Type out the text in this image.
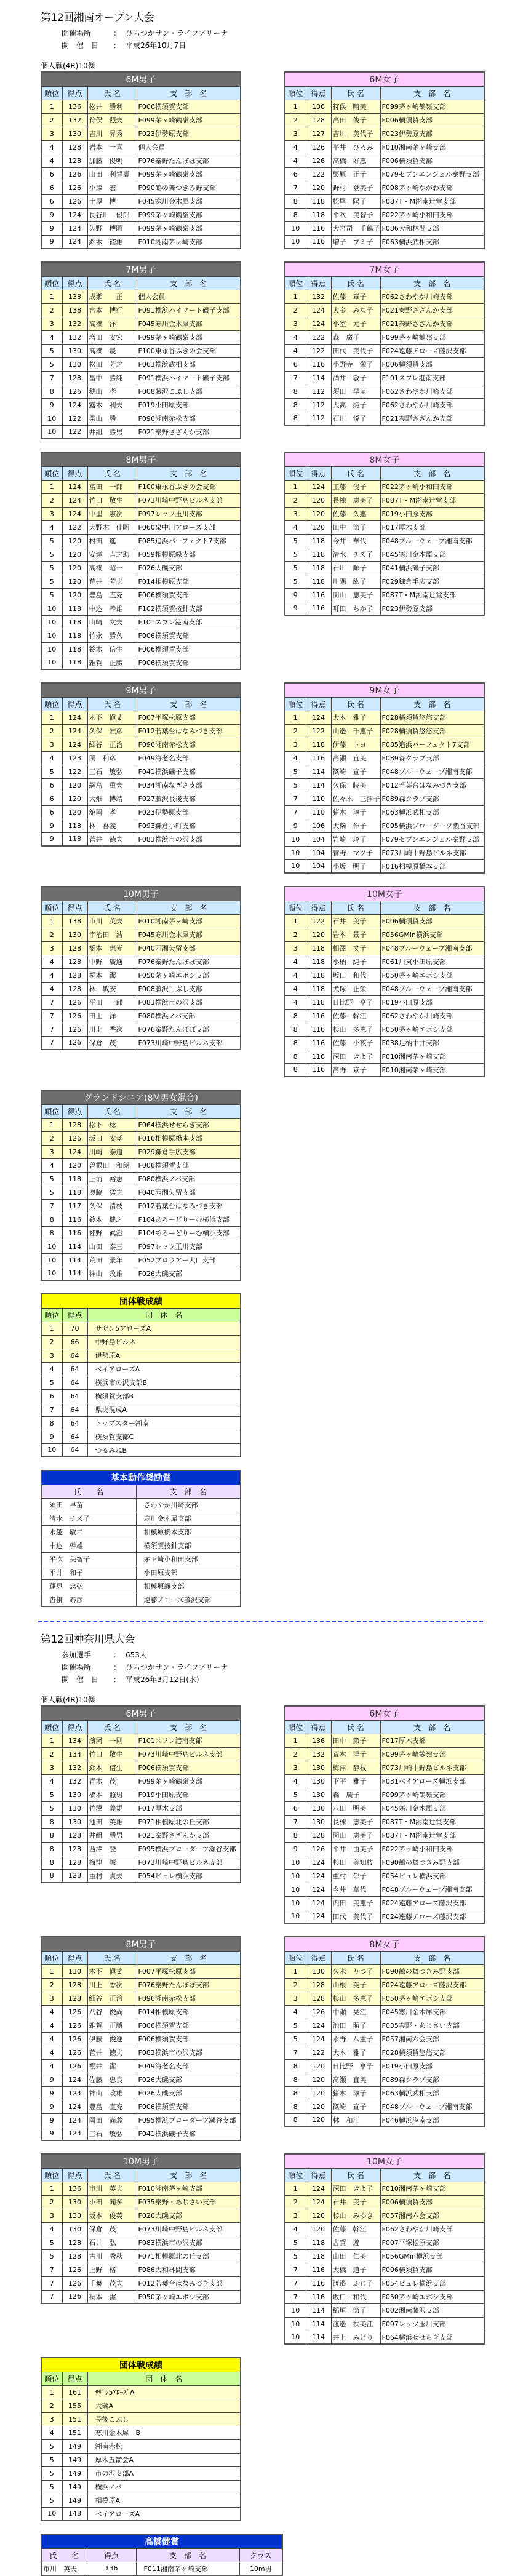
第12回湘南オープン大会
開催場所	： ひらつかサン・ライフアリーナ
開　催　日 ： 平成26年10月7日
個人戦(4R)10傑
6M男子			
順位	得点	氏 名	支　部　名
1	136	松井　勝利	F006横須賀支部
2	132	狩俣　照夫	F099茅ヶ崎鶴嶺支部
3	130	吉川　昇秀	F023伊勢原支部
4	128	岩本　一喜	個人会員
4	128	加藤　俊明	F076秦野たんぽぽ支部
6	126	山田　利賀壽	F099茅ヶ崎鶴嶺支部
6	126	小澤　宏	F090鶴の舞つきみ野支部
6	126	土屋　博	F045寒川金木犀支部
9	124	長谷川　俊郎	F099茅ヶ崎鶴嶺支部
9	124	矢野　博昭	F099茅ヶ崎鶴嶺支部
9	124	鈴木　徳雄	F010湘南茅ヶ崎支部
6M女子			
順位	得点	氏 名	支　部　名
1	136	狩俣　晴美	F099茅ヶ崎鶴嶺支部
2	128	高田　俊子	F006横須賀支部
3	127	吉川　美代子	F023伊勢原支部
4	126	平井　ひろみ	F010湘南茅ヶ崎支部
4	126	高橋　好恵	F006横須賀支部
6	122	栗原　正子	F079セブンエンジェル秦野支部
7	120	野村　登美子	F098茅ヶ崎かがわ支部
8	118	松尾　陽子	F087T・M湘南辻堂支部
8	118	平吹　美智子	F022茅ヶ崎小和田支部
10	116	大宮司　千鶴子	F086大和林間支部
10	116	増子　フミ子	F063横浜武相支部
7M男子			
順位	得点	氏 名	支　部　名
1	138	成瀬　　正	個人会員
2	138	宮本　博行	F091横浜ハイマート磯子支部
3	132	高橋　洋	F045寒川金木犀支部
4	132	増田　安宏	F099茅ヶ崎鶴嶺支部
5	130	髙橋　晟	F100東永谷ふきの会支部
5	130	松田　芳之	F063横浜武相支部
7	128	畠中　勝純	F091横浜ハイマート磯子支部
8	126	穂山　孝	F008藤沢こぶし支部
9	124	露木　利夫	F019小田原支部
10	122	柴山　勝	F096湘南赤松支部
10	122	井組　勝男	F021秦野さざんか支部
7M女子			
順位	得点	氏 名	支　部　名
1	132	佐藤　章子	F062さわやか川崎支部
2	124	大金　みな子	F021秦野さざんか支部
3	124	小室　元子	F021秦野さざんか支部
4	122	森　廣子	F099茅ヶ崎鶴嶺支部
4	122	田代　美代子	F024遠藤アローズ藤沢支部
6	116	小野寺　栄子	F006横須賀支部
7	114	酒井　敏子	F101スフレ港南支部
8	112	須田　早苗	F062さわやか川崎支部
8	112	大高　純子	F062さわやか川崎支部
8	112	石川　悦子	F021秦野さざんか支部
8M男子			
順位	得点	氏 名	支　部　名
1	124	富田　一郎	F100東永谷ふきの会支部
2	124	竹口　敬生	F073川崎中野島ビルネ支部
3	124	中里　憲次	F097レッツ玉川支部
4	122	大野木　佳昭	F060泉中川アローズ支部
5	120	村田　進	F085追浜パーフェクト7支部
5	120	安達　吉之助	F059相模原緑支部
5	120	高橋　昭一	F026大磯支部
5	120	荒井　芳夫	F014相模原支部
5	120	豊島　直充	F006横須賀支部
10	118	中込　幹雄	F102横須賀按針支部
10	118	山崎　文夫	F101スフレ港南支部
10	118	竹永　勝久	F006横須賀支部
10	118	鈴木　信生	F006横須賀支部
10	118	雑賀　正勝	F006横須賀支部
8M女子			
順位	得点	氏 名	支　部　名
1	124	工藤　俊子	F022茅ヶ崎小和田支部
2	120	長棟　恵美子	F087T・M湘南辻堂支部
3	120	佐藤　久惠	F019小田原支部
4	120	田中　節子	F017厚木支部
5	118	今井　華代	F048ブルーウェーブ湘南支部
5	118	清水　チズ子	F045寒川金木犀支部
5	118	石川　順子	F041横浜磯子支部
5	118	川隅　紘子	F029鎌倉手広支部
9	116	関山　恵美子	F087T・M湘南辻堂支部
9	116	町田　ちか子	F023伊勢原支部
9M男子			
順位	得点	氏 名	支　部　名
1	124	木下　愼丈	F007平塚松原支部
2	124	久保　雅彦	F012若葉台はなみづき支部
3	124	細谷　正治	F096湘南赤松支部
4	123	関　和彦	F049海老名支部
5	122	三石　敏弘	F041横浜磯子支部
6	120	網島　重夫	F034湘南なぎさ支部
6	120	大畑　博靖	F027藤沢長後支部
6	120	舘岡　孝	F023伊勢原支部
9	118	林　喜義	F093鎌倉小町支部
9	118	菅井　徳夫	F083横浜市の沢支部
9M女子			
順位	得点	氏 名	支　部　名
1	124	大木　雅子	F028横須賀悠悠支部
2	122	山邉　千恵子	F028横須賀悠悠支部
3	118	伊藤　トヨ	F085追浜パーフェクト7支部
4	116	髙瀬　直美	F089森クラブ支部
5	114	篠崎　宣子	F048ブルーウェーブ湘南支部
5	114	久保　暁美	F012若葉台はなみづき支部
7	110	佐々木　三津子	F089森クラブ支部
7	110	猪木　淳子	F063横浜武相支部
9	106	大柴　作子	F095横浜ブローダーツ瀬谷支部
10	104	岩崎　玲子	F079セブンエンジェル秦野支部
10	104	菅野　マツ子	F073川崎中野島ビルネ支部
10	104	小坂　明子	F016相模原橋本支部
10M男子			
順位	得点	氏 名	支　部　名
1	138	市川　英夫	F010湘南茅ヶ崎支部
2	130	宇治田　浩	F045寒川金木犀支部
3	128	橋本　惠光	F040西湘矢留支部
4	128	中野　廣通	F076秦野たんぽぽ支部
4	128	桐本　潔	F050茅ヶ崎エボシ支部
4	128	林　敏安	F008藤沢こぶし支部
7	126	平田　一郎	F083横浜市の沢支部
7	126	田土　洋	F080横浜ノバ支部
7	126	川上　香次	F076秦野たんぽぽ支部
7	126	保倉　茂	F073川崎中野島ビルネ支部
10M女子			
順位	得点	氏 名	支　部　名
1	122	石井　美子	F006横須賀支部
2	120	岩本　景子	F056GMin横浜支部
3	118	相澤　文子	F048ブルーウェーブ湘南支部
4	118	小柄　純子	F061川東小田原支部
4	118	坂口　和代	F050茅ヶ崎エボシ支部
4	118	犬塚　正栄	F048ブルーウェーブ湘南支部
4	118	日比野　亨子	F019小田原支部
8	116	佐藤　幹江	F062さわやか川崎支部
8	116	杉山　多恵子	F050茅ヶ崎エボシ支部
8	116	佐藤　小夜子	F038足柄中井支部
8	116	深田　きよ子	F010湘南茅ヶ崎支部
8	116	髙野　京子	F010湘南茅ヶ崎支部
グランドシニア(8M男女混合)			
順位	得点	氏 名	支　部　名
1	128	松下　稔	F064横浜せせらぎ支部
2	126	坂口　安孝	F016相模原橋本支部
3	124	川崎　泰道	F029鎌倉手広支部
4	120	曽根田　和朗	F006横須賀支部
5	118	上前　裕志	F080横浜ノバ支部
5	118	奥脇　猛夫	F040西湘矢留支部
7	117	久保　清枝	F012若葉台はなみづき支部
8	116	鈴木　健之	F104あろーどりーむ横浜支部
8	116	桂野　眞澄	F104あろーどりーむ横浜支部
10	114	山田　泰三	F097レッツ玉川支部
10	114	荒田　景年	F052ブロウアー大口支部
10	114	神山　政雄	F026大磯支部
団体戦成績		
順位	得点	団　体　名
1	70	サザン5アローズA
2	66	中野島ビルネ
3	64	伊勢原A
4	64	ベイアローズA
5	64	横浜市の沢支部B
6	64	横須賀支部B
7	64	県央混成A
8	64	トップスター湘南
9	64	横須賀支部C
10	64	つるみねB
基本動作奨励賞	
氏　　名	支　部　名
須田　早苗	さわやか川崎支部
清水　チズ子	寒川金木犀支部
水越　敏二	相模原橋本支部
中込　幹雄	横須賀按針支部
平吹　美智子	茅ヶ崎小和田支部
平井　和子	小田原支部
蓮見　忠弘	相模原緑支部
沓掛　泰彦	遠藤アローズ藤沢支部
第12回神奈川県大会
参加選手	： 653人
開催場所	： ひらつかサン・ライフアリーナ
開　催　日 ： 平成26年3月12日(水)
個人戦(4R)10傑
6M男子			
順位	得点	氏 名	支　部　名
1	134	濱岡　一則	F101スフレ港南支部
2	134	竹口　敬生	F073川崎中野島ビルネ支部
3	132	鈴木　信生	F006横須賀支部
4	132	青木　茂	F099茅ヶ崎鶴嶺支部
5	130	橋本　照男	F019小田原支部
5	130	竹澤　義規	F017厚木支部
8	130	池田　英雄	F071相模原北の丘支部
8	128	井組　勝男	F021秦野さざんか支部
8	128	西澤　登	F095横浜ブローダーツ瀬谷支部
8	128	梅津　誠	F073川崎中野島ビルネ支部
8	128	重村　貞夫	F054ピュレ横浜支部
6M女子			
順位	得点	氏 名	支　部　名
1	136	田中　節子	F017厚木支部
2	132	荒木　洋子	F099茅ヶ崎鶴嶺支部
3	130	梅津　静枝	F073川崎中野島ビルネ支部
4	130	下平　雅子	F031ベイアローズ横浜支部
5	130	森　廣子	F099茅ヶ崎鶴嶺支部
6	130	八田　明美	F045寒川金木犀支部
7	130	長棟　恵美子	F087T・M湘南辻堂支部
8	128	関山　恵美子	F087T・M湘南辻堂支部
9	126	平井　由美子	F022茅ヶ崎小和田支部
10	124	杉田　美知枝	F090鶴の舞つきみ野支部
10	124	重村　郁子	F054ピュレ横浜支部
10	124	今井　華代	F048ブルーウェーブ湘南支部
10	124	内田　美恵子	F024遠藤アローズ藤沢支部
10	124	田代　美代子	F024遠藤アローズ藤沢支部
8M男子			
順位	得点	氏 名	支　部　名
1	130	木下　愼丈	F007平塚松原支部
2	128	川上　香次	F076秦野たんぽぽ支部
3	128	細谷　正治	F096湘南赤松支部
4	126	八谷　俊尚	F014相模原支部
4	126	雑賀　正勝	F006横須賀支部
4	126	伊藤　俊逸	F006横須賀支部
4	126	菅井　徳夫	F083横浜市の沢支部
4	126	櫻井　潔	F049海老名支部
9	124	佐藤　忠良	F026大磯支部
9	124	神山　政雄	F026大磯支部
9	124	豊島　直充	F006横須賀支部
9	124	岡田　尚義	F095横浜ブローダーツ瀬谷支部
9	124	三石　敏弘	F041横浜磯子支部
8M女子			
順位	得点	氏 名	支　部　名
1	130	久米　りつ子	F090鶴の舞つきみ野支部
2	128	山根　英子	F024遠藤アローズ藤沢支部
3	128	杉山　多恵子	F050茅ヶ崎エボシ支部
4	126	中瀬　晃江	F045寒川金木犀支部
5	124	池田　照子	F035秦野・あじさい支部
5	124	水野　八重子	F057湘南六会支部
7	122	大木　雅子	F028横須賀悠悠支部
8	120	日比野　亨子	F019小田原支部
8	120	髙瀬　直美	F089森クラブ支部
8	120	猪木　淳子	F063横浜武相支部
8	120	篠崎　宣子	F048ブルーウェーブ湘南支部
8	120	林　和江	F046横浜港南支部
10M男子			
順位	得点	氏 名	支　部　名
1	136	市川　英夫	F010湘南茅ヶ崎支部
2	130	小田　聞多	F035秦野・あじさい支部
3	130	坂本　俊英	F026大磯支部
4	130	保倉　茂	F073川崎中野島ビルネ支部
5	128	石井　弘	F083横浜市の沢支部
5	128	古川　秀秋	F071相模原北の丘支部
7	126	上野　格	F086大和林間支部
7	126	千葉　茂夫	F012若葉台はなみづき支部
7	126	桐本　潔	F050茅ヶ崎エボシ支部
10M女子			
順位	得点	氏 名	支　部　名
1	124	深田　きよ子	F010湘南茅ヶ崎支部
2	124	石井　美子	F006横須賀支部
3	120	杉山　みゆき	F057湘南六会支部
4	120	佐藤　幹江	F062さわやか川崎支部
5	118	古賀　遊	F007平塚松原支部
5	118	山田　仁美	F056GMin横浜支部
7	116	大橋　道子	F006横須賀支部
7	116	渡邉　ふじ子	F054ピュレ横浜支部
7	116	坂口　和代	F050茅ヶ崎エボシ支部
10	114	稲垣　節子	F002湘南藤沢支部
10	114	渡邉　扶美江	F097レッツ玉川支部
10	114	井上　みどり	F064横浜せせらぎ支部
団体戦成績		
順位	得点	団　体　名
1	161	ｻｻﾞﾝ5ｱﾛｰｽﾞA
2	155	大磯A
3	151	長後こぶし
4	151	寒川金木犀　B
5	149	湘南赤松
5	149	厚木五箭会A
5	149	市の沢支部A
5	149	横浜ノバ
5	149	相模原A
10	148	ベイアローズA
高橋健賞			
氏　　名	得点	支　部　名	クラス
市川　英夫	136	F011湘南茅ヶ崎支部	10m男
